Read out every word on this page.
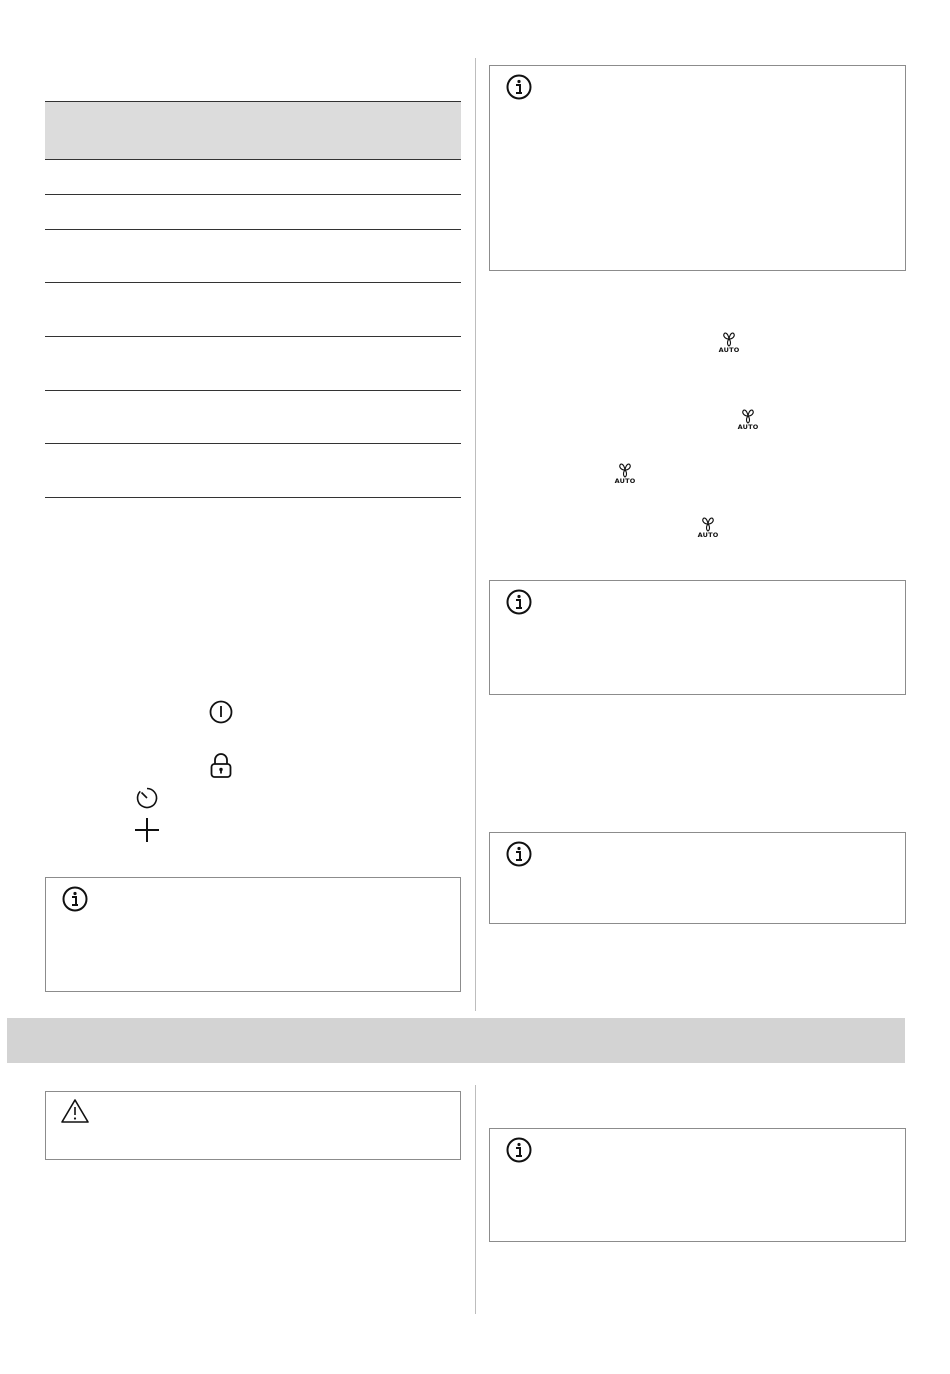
AUTO
AUTO
AUTO
AUTO
